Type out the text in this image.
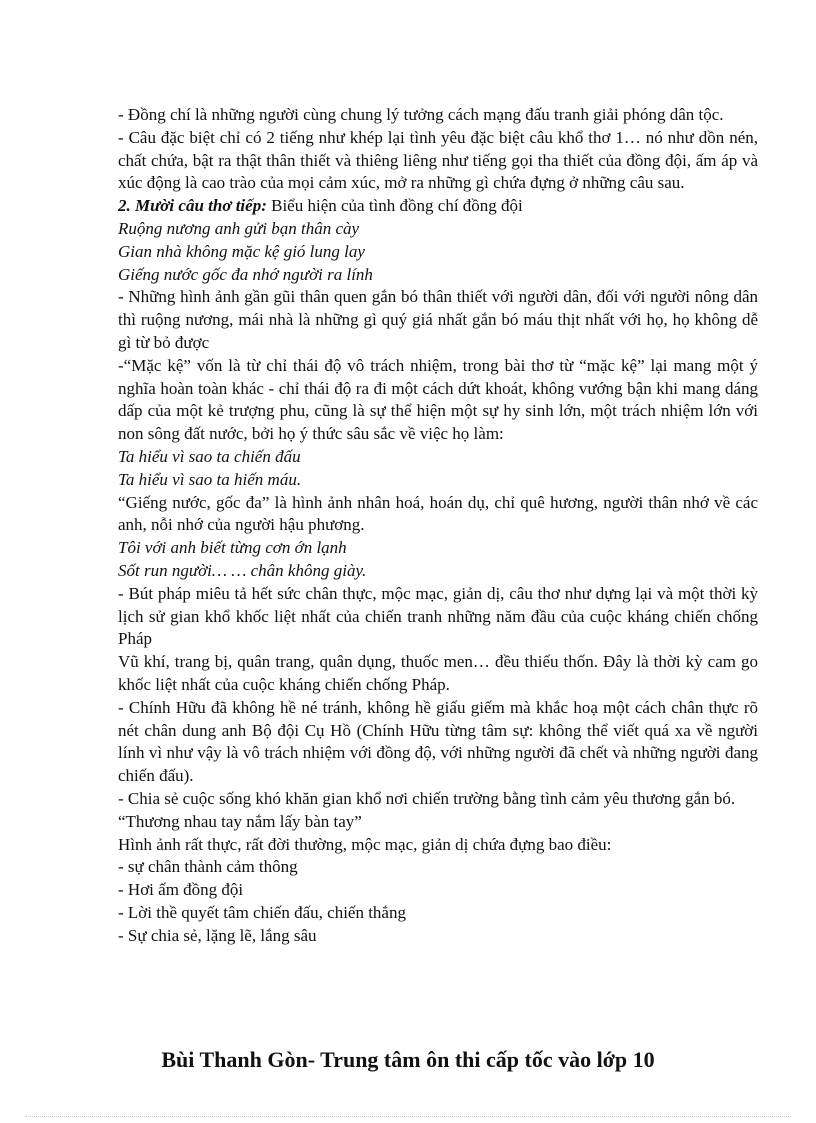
- Đồng chí là những người cùng chung lý tưởng cách mạng đấu tranh giải phóng dân tộc.

- Câu đặc biệt chỉ có 2 tiếng như khép lại tình yêu đặc biệt câu khổ thơ 1… nó như dồn nén, chất chứa, bật ra thật thân thiết và thiêng liêng như tiếng gọi tha thiết của đồng đội, ấm áp và xúc động là cao trào của mọi cảm xúc, mở ra những gì chứa đựng ở những câu sau.

2. Mười câu thơ tiếp: Biểu hiện của tình đồng chí đồng đội

Ruộng nương anh gửi bạn thân cày

Gian nhà không mặc kệ gió lung lay

Giếng nước gốc đa nhớ người ra lính

- Những hình ảnh gần gũi thân quen gắn bó thân thiết với người dân, đối với người nông dân thì ruộng nương, mái nhà là những gì quý giá nhất gắn bó máu thịt nhất với họ, họ không dễ gì từ bỏ được

-“Mặc kệ” vốn là từ chỉ thái độ vô trách nhiệm, trong bài thơ từ “mặc kệ” lại mang một ý nghĩa hoàn toàn khác - chỉ thái độ ra đi một cách dứt khoát, không vướng bận khi mang dáng dấp của một kẻ trượng phu, cũng là sự thể hiện một sự hy sinh lớn, một trách nhiệm lớn với non sông đất nước, bởi họ ý thức sâu sắc về việc họ làm:

Ta hiểu vì sao ta chiến đấu

Ta hiểu vì sao ta hiến máu.

“Giếng nước, gốc đa” là hình ảnh nhân hoá, hoán dụ, chỉ quê hương, người thân nhớ về các anh, nỗi nhớ của người hậu phương.

Tôi với anh biết từng cơn ớn lạnh

Sốt run người… … chân không giày.

- Bút pháp miêu tả hết sức chân thực, mộc mạc, giản dị, câu thơ như dựng lại và một thời kỳ lịch sử gian khổ khốc liệt nhất của chiến tranh những năm đầu của cuộc kháng chiến chống Pháp

Vũ khí, trang bị, quân trang, quân dụng, thuốc men… đều thiếu thốn. Đây là thời kỳ cam go khốc liệt nhất của cuộc kháng chiến chống Pháp.

- Chính Hữu đã không hề né tránh, không hề giấu giếm mà khắc hoạ một cách chân thực rõ nét chân dung anh Bộ đội Cụ Hồ (Chính Hữu từng tâm sự: không thể viết quá xa về người lính vì như vậy là vô trách nhiệm với đồng độ, với những người đã chết và những người đang chiến đấu).

- Chia sẻ cuộc sống khó khăn gian khổ nơi chiến trường bằng tình cảm yêu thương gắn bó.

“Thương nhau tay nắm lấy bàn tay”

Hình ảnh rất thực, rất đời thường, mộc mạc, giản dị chứa đựng bao điều:

- sự chân thành cảm thông

- Hơi ấm đồng đội

- Lời thề quyết tâm chiến đấu, chiến thắng

- Sự chia sẻ, lặng lẽ, lắng sâu

Bùi Thanh Gòn- Trung tâm ôn thi cấp tốc vào lớp 10
